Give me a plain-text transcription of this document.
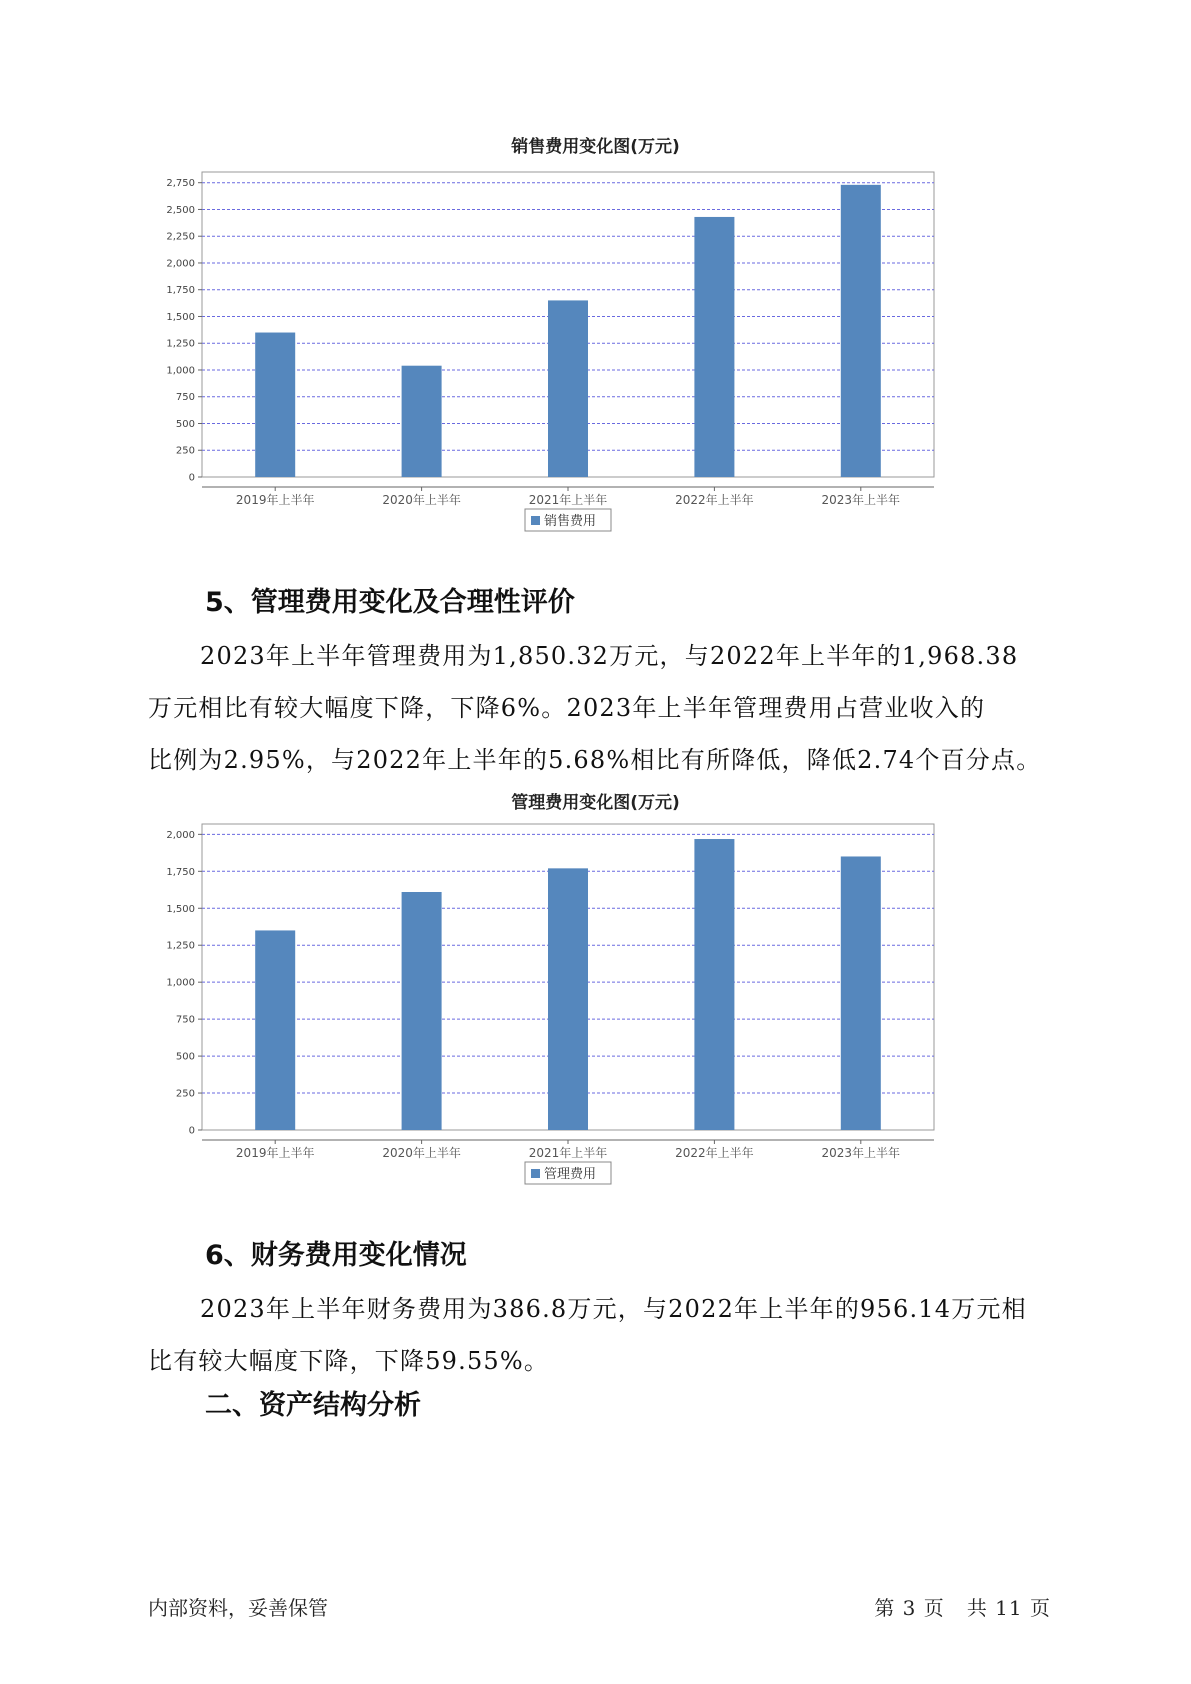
销售费用变化图(万元)
0
250
500
750
1,000
1,250
1,500
1,750
2,000
2,250
2,500
2,750
2019年上半年	2020年上半年	2021年上半年	2022年上半年	2023年上半年
销售费用
5、管理费用变化及合理性评价
2023年上半年管理费用为1,850.32万元，与2022年上半年的1,968.38
万元相比有较大幅度下降，下降6%。2023年上半年管理费用占营业收入的
比例为2.95%，与2022年上半年的5.68%相比有所降低，降低2.74个百分点。
管理费用变化图(万元)
0
250
500
750
1,000
1,250
1,500
1,750
2,000
2019年上半年	2020年上半年	2021年上半年	2022年上半年	2023年上半年
管理费用
6、财务费用变化情况
2023年上半年财务费用为386.8万元，与2022年上半年的956.14万元相
比有较大幅度下降，下降59.55%。
二、资产结构分析
内部资料，妥善保管	第 3 页   共 11 页
